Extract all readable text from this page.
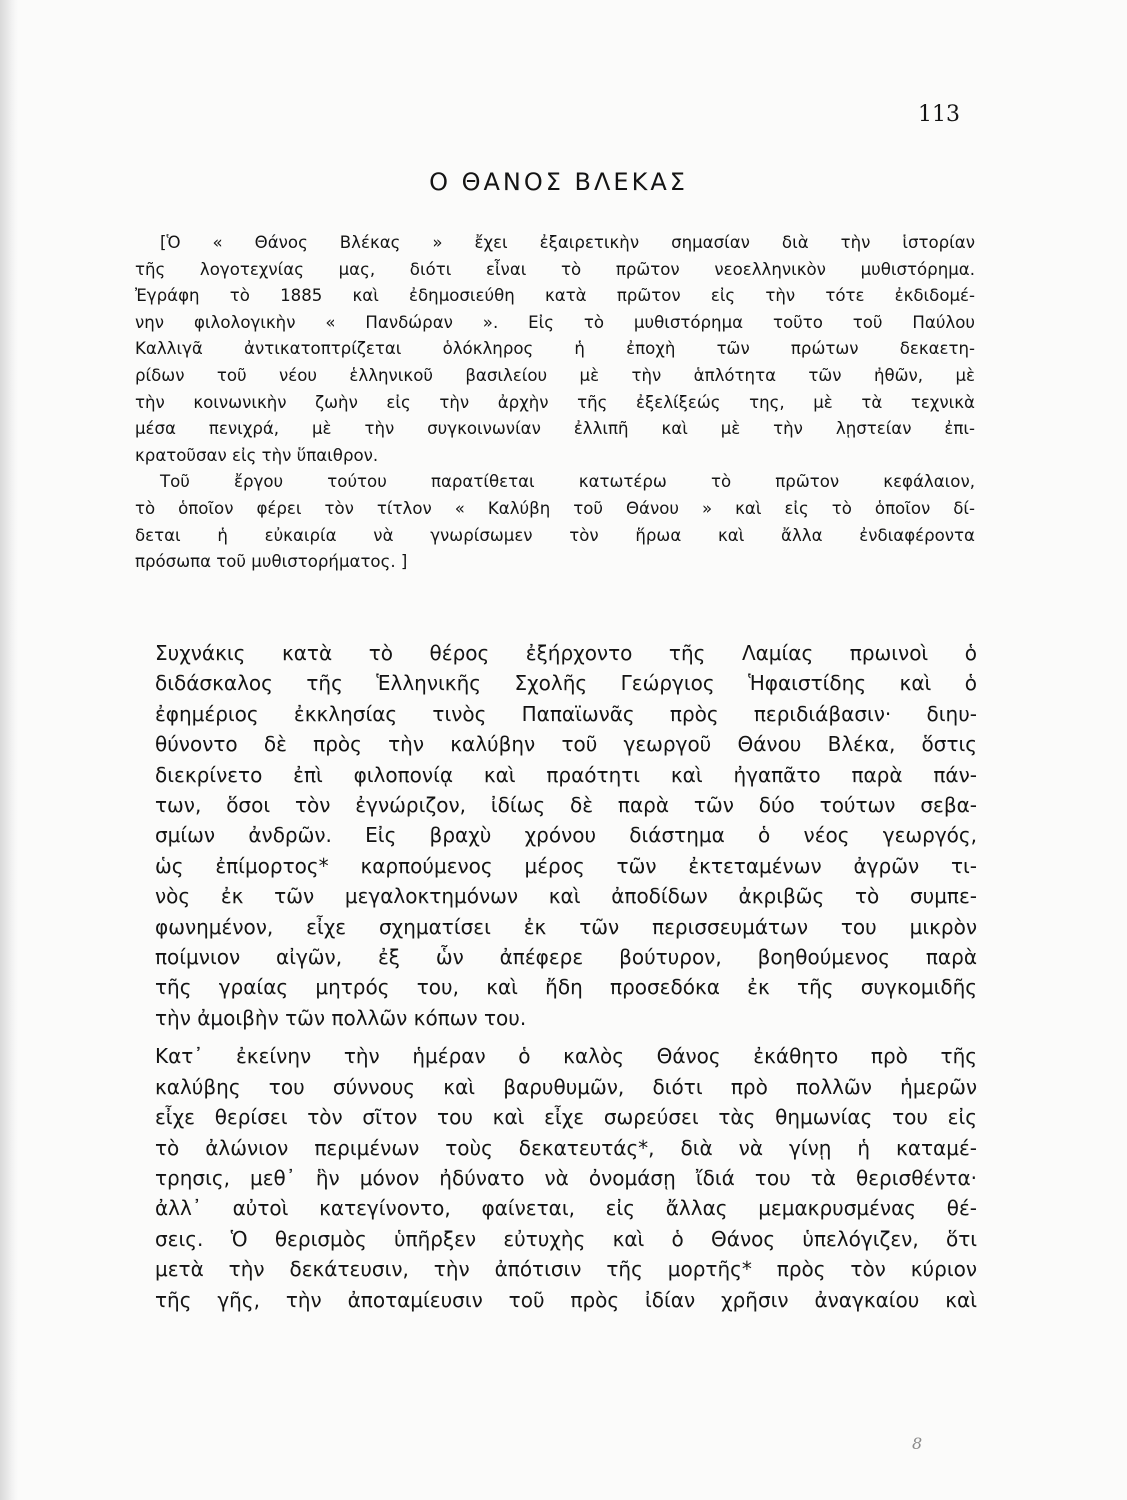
113
Ο ΘΑΝΟΣ ΒΛΕΚΑΣ
[Ὁ « Θάνος Βλέκας » ἔχει ἐξαιρετικὴν σημασίαν διὰ τὴν ἱστορίαν
τῆς λογοτεχνίας μας, διότι εἶναι τὸ πρῶτον νεοελληνικὸν μυθιστόρημα.
Ἐγράφη τὸ 1885 καὶ ἐδημοσιεύθη κατὰ πρῶτον εἰς τὴν τότε ἐκδιδομέ-
νην φιλολογικὴν « Πανδώραν ». Εἰς τὸ μυθιστόρημα τοῦτο τοῦ Παύλου
Καλλιγᾶ ἀντικατοπτρίζεται ὁλόκληρος ἡ ἐποχὴ τῶν πρώτων δεκαετη-
ρίδων τοῦ νέου ἑλληνικοῦ βασιλείου μὲ τὴν ἁπλότητα τῶν ἠθῶν, μὲ
τὴν κοινωνικὴν ζωὴν εἰς τὴν ἀρχὴν τῆς ἐξελίξεώς της, μὲ τὰ τεχνικὰ
μέσα πενιχρά, μὲ τὴν συγκοινωνίαν ἐλλιπῆ καὶ μὲ τὴν λῃστείαν ἐπι-
κρατοῦσαν εἰς τὴν ὕπαιθρον.
Τοῦ ἔργου τούτου παρατίθεται κατωτέρω τὸ πρῶτον κεφάλαιον,
τὸ ὁποῖον φέρει τὸν τίτλον « Καλύβη τοῦ Θάνου » καὶ εἰς τὸ ὁποῖον δί-
δεται ἡ εὐκαιρία νὰ γνωρίσωμεν τὸν ἥρωα καὶ ἄλλα ἐνδιαφέροντα
πρόσωπα τοῦ μυθιστορήματος. ]
Συχνάκις κατὰ τὸ θέρος ἐξήρχοντο τῆς Λαμίας πρωινοὶ ὁ
διδάσκαλος τῆς Ἑλληνικῆς Σχολῆς Γεώργιος Ἡφαιστίδης καὶ ὁ
ἐφημέριος ἐκκλησίας τινὸς Παπαϊωνᾶς πρὸς περιδιάβασιν· διηυ-
θύνοντο δὲ πρὸς τὴν καλύβην τοῦ γεωργοῦ Θάνου Βλέκα, ὅστις
διεκρίνετο ἐπὶ φιλοπονίᾳ καὶ πραότητι καὶ ἠγαπᾶτο παρὰ πάν-
των, ὅσοι τὸν ἐγνώριζον, ἰδίως δὲ παρὰ τῶν δύο τούτων σεβα-
σμίων ἀνδρῶν. Εἰς βραχὺ χρόνου διάστημα ὁ νέος γεωργός,
ὡς ἐπίμορτος* καρπούμενος μέρος τῶν ἐκτεταμένων ἀγρῶν τι-
νὸς ἐκ τῶν μεγαλοκτημόνων καὶ ἀποδίδων ἀκριβῶς τὸ συμπε-
φωνημένον, εἶχε σχηματίσει ἐκ τῶν περισσευμάτων του μικρὸν
ποίμνιον αἰγῶν, ἐξ ὧν ἀπέφερε βούτυρον, βοηθούμενος παρὰ
τῆς γραίας μητρός του, καὶ ἤδη προσεδόκα ἐκ τῆς συγκομιδῆς
τὴν ἀμοιβὴν τῶν πολλῶν κόπων του.
Κατ᾿ ἐκείνην τὴν ἡμέραν ὁ καλὸς Θάνος ἐκάθητο πρὸ τῆς
καλύβης του σύννους καὶ βαρυθυμῶν, διότι πρὸ πολλῶν ἡμερῶν
εἶχε θερίσει τὸν σῖτον του καὶ εἶχε σωρεύσει τὰς θημωνίας του εἰς
τὸ ἀλώνιον περιμένων τοὺς δεκατευτάς*, διὰ νὰ γίνῃ ἡ καταμέ-
τρησις, μεθ᾿ ἣν μόνον ἠδύνατο νὰ ὀνομάσῃ ἴδιά του τὰ θερισθέντα·
ἀλλ᾿ αὐτοὶ κατεγίνοντο, φαίνεται, εἰς ἄλλας μεμακρυσμένας θέ-
σεις. Ὁ θερισμὸς ὑπῆρξεν εὐτυχὴς καὶ ὁ Θάνος ὑπελόγιζεν, ὅτι
μετὰ τὴν δεκάτευσιν, τὴν ἀπότισιν τῆς μορτῆς* πρὸς τὸν κύριον
τῆς γῆς, τὴν ἀποταμίευσιν τοῦ πρὸς ἰδίαν χρῆσιν ἀναγκαίου καὶ
8
